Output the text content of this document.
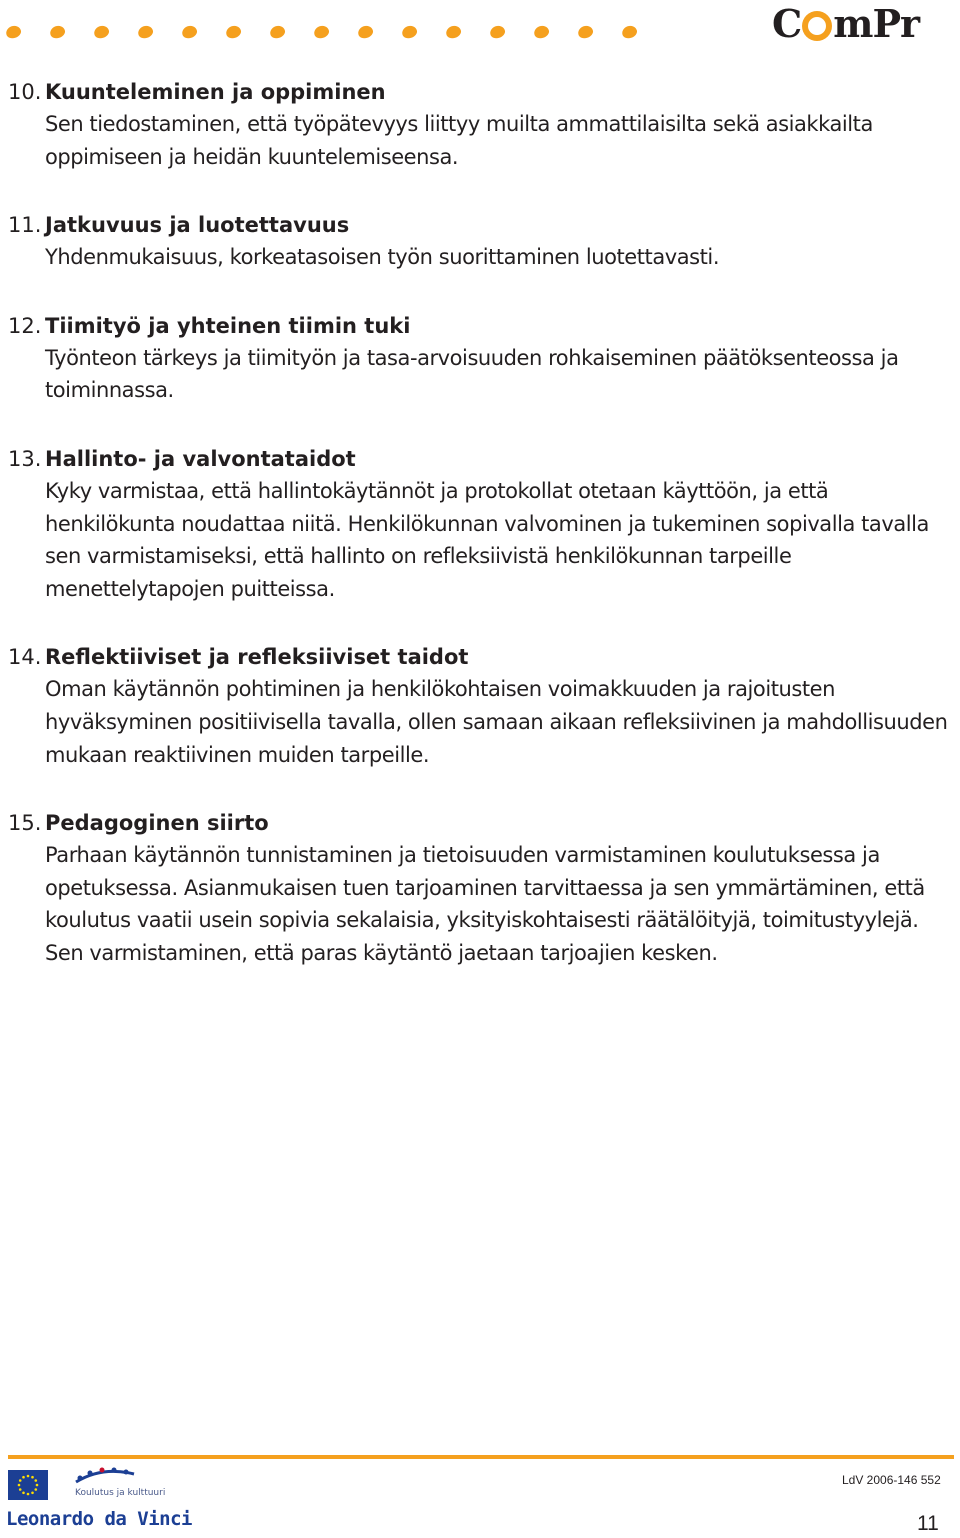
C mPr
10. Kuunteleminen ja oppiminen
Sen tiedostaminen, että työpätevyys liittyy muilta ammattilaisilta sekä asiakkailta oppimiseen ja heidän kuuntelemiseensa.
11. Jatkuvuus ja luotettavuus
Yhdenmukaisuus, korkeatasoisen työn suorittaminen luotettavasti.
12. Tiimityö ja yhteinen tiimin tuki
Työnteon tärkeys ja tiimityön ja tasa-arvoisuuden rohkaiseminen päätöksenteossa ja toiminnassa.
13. Hallinto- ja valvontataidot
Kyky varmistaa, että hallintokäytännöt ja protokollat otetaan käyttöön, ja että henkilökunta noudattaa niitä. Henkilökunnan valvominen ja tukeminen sopivalla tavalla sen varmistamiseksi, että hallinto on refleksiivistä henkilökunnan tarpeille menettelytapojen puitteissa.
14. Reflektiiviset ja refleksiiviset taidot
Oman käytännön pohtiminen ja henkilökohtaisen voimakkuuden ja rajoitusten hyväksyminen positiivisella tavalla, ollen samaan aikaan refleksiivinen ja mahdollisuuden mukaan reaktiivinen muiden tarpeille.
15. Pedagoginen siirto
Parhaan käytännön tunnistaminen ja tietoisuuden varmistaminen koulutuksessa ja opetuksessa. Asianmukaisen tuen tarjoaminen tarvittaessa ja sen ymmärtäminen, että koulutus vaatii usein sopivia sekalaisia, yksityiskohtaisesti räätälöityjä, toimitustyylejä. Sen varmistaminen, että paras käytäntö jaetaan tarjoajien kesken.
Koulutus ja kulttuuri
Leonardo da Vinci
LdV 2006-146 552
11
